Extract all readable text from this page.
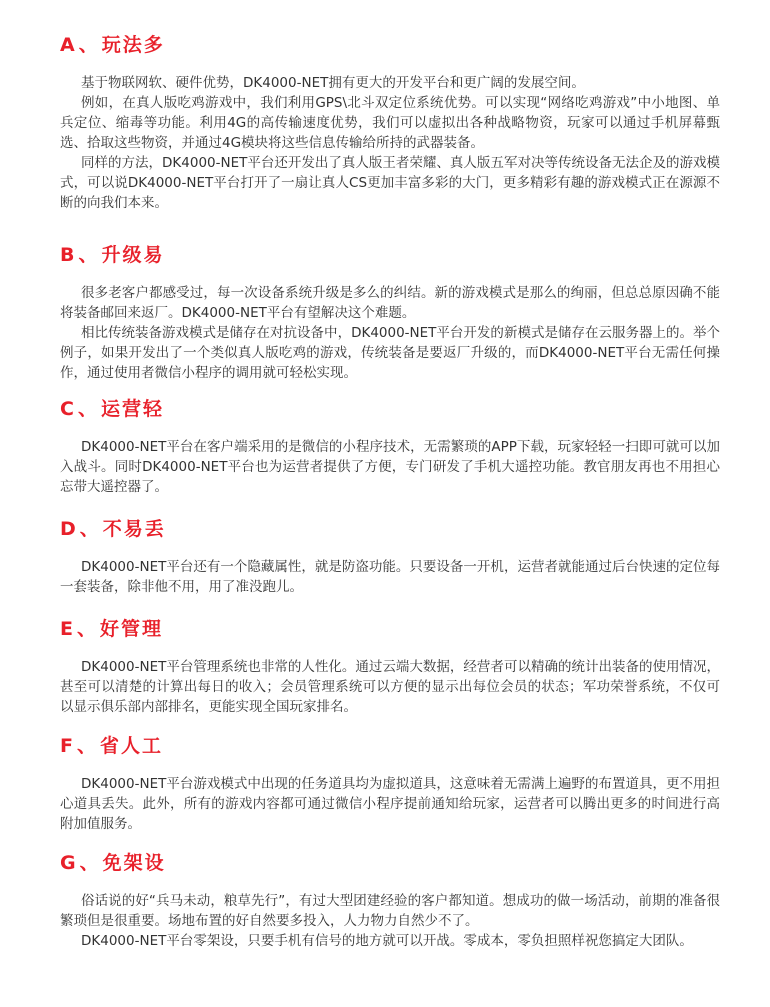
A 、 玩法多

基于物联网软、硬件优势，DK4000-NET拥有更大的开发平台和更广阔的发展空间。

例如，在真人版吃鸡游戏中，我们利用GPS\北斗双定位系统优势。可以实现“网络吃鸡游戏”中小地图、单兵定位、缩毒等功能。利用4G的高传输速度优势，我们可以虚拟出各种战略物资，玩家可以通过手机屏幕甄选、拾取这些物资，并通过4G模块将这些信息传输给所持的武器装备。

同样的方法，DK4000-NET平台还开发出了真人版王者荣耀、真人版五军对决等传统设备无法企及的游戏模式，可以说DK4000-NET平台打开了一扇让真人CS更加丰富多彩的大门，更多精彩有趣的游戏模式正在源源不断的向我们本来。

B 、 升级易

很多老客户都感受过，每一次设备系统升级是多么的纠结。新的游戏模式是那么的绚丽，但总总原因确不能将装备邮回来返厂。DK4000-NET平台有望解决这个难题。

相比传统装备游戏模式是储存在对抗设备中，DK4000-NET平台开发的新模式是储存在云服务器上的。举个例子，如果开发出了一个类似真人版吃鸡的游戏，传统装备是要返厂升级的，而DK4000-NET平台无需任何操作，通过使用者微信小程序的调用就可轻松实现。

C 、 运营轻

DK4000-NET平台在客户端采用的是微信的小程序技术，无需繁琐的APP下载，玩家轻轻一扫即可就可以加入战斗。同时DK4000-NET平台也为运营者提供了方便，专门研发了手机大遥控功能。教官朋友再也不用担心忘带大遥控器了。

D 、 不易丢

DK4000-NET平台还有一个隐藏属性，就是防盗功能。只要设备一开机，运营者就能通过后台快速的定位每一套装备，除非他不用，用了准没跑儿。

E 、 好管理

DK4000-NET平台管理系统也非常的人性化。通过云端大数据，经营者可以精确的统计出装备的使用情况，甚至可以清楚的计算出每日的收入；会员管理系统可以方便的显示出每位会员的状态；军功荣誉系统，不仅可以显示俱乐部内部排名，更能实现全国玩家排名。

F 、 省人工

DK4000-NET平台游戏模式中出现的任务道具均为虚拟道具，这意味着无需满上遍野的布置道具，更不用担心道具丢失。此外，所有的游戏内容都可通过微信小程序提前通知给玩家，运营者可以腾出更多的时间进行高附加值服务。

G 、 免架设

俗话说的好“兵马未动，粮草先行”，有过大型团建经验的客户都知道。想成功的做一场活动，前期的准备很繁琐但是很重要。场地布置的好自然要多投入，人力物力自然少不了。

DK4000-NET平台零架设，只要手机有信号的地方就可以开战。零成本，零负担照样祝您搞定大团队。
